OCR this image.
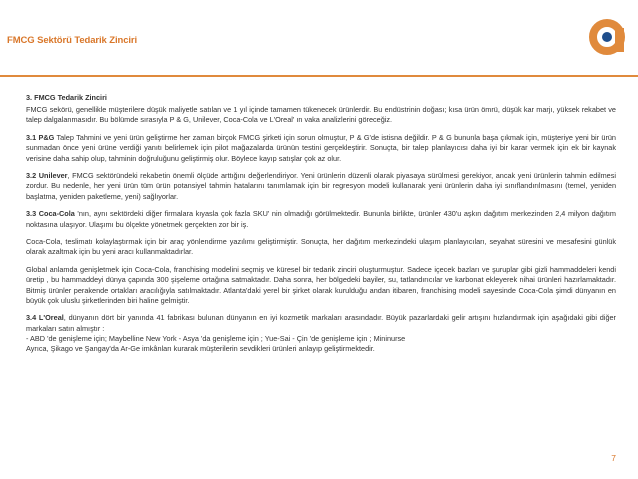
FMCG Sektörü Tedarik Zinciri
3. FMCG Tedarik Zinciri

FMCG sekörü, genellikle müşterilere düşük maliyetle satılan ve 1 yıl içinde tamamen tükenecek ürünlerdir. Bu endüstrinin doğası; kısa ürün ömrü, düşük kar marjı, yüksek rekabet ve talep dalgalanmasıdır. Bu bölümde sırasıyla P & G, Unilever, Coca-Cola ve L'Oreal' ın vaka analizlerini göreceğiz.

3.1 P&G Talep Tahmini ve yeni ürün geliştirme her zaman birçok FMCG şirketi için sorun olmuştur, P & G'de istisna değildir. P & G bununla başa çıkmak için, müşteriye yeni bir ürün sunmadan önce yeni ürüne verdiği yanıtı belirlemek için pilot mağazalarda ürünün testini gerçekleştirir. Sonuçta, bir talep planlayıcısı daha iyi bir karar vermek için ek bir kaynak verisine daha sahip olup, tahminin doğruluğunu geliştirmiş olur. Böylece kayıp satışlar çok az olur.

3.2 Unilever, FMCG sektöründeki rekabetin önemli ölçüde arttığını değerlendiriyor. Yeni ürünlerin düzenli olarak piyasaya sürülmesi gerekiyor, ancak yeni ürünlerin tahmin edilmesi zordur. Bu nedenle, her yeni ürün tüm ürün potansiyel tahmin hatalarını tanımlamak için bir regresyon modeli kullanarak yeni ürünlerin daha iyi sınıflandırılmasını (temel, yeniden başlatma, yeniden paketleme, yeni) sağlıyorlar.

3.3 Coca-Cola 'nın, aynı sektördeki diğer firmalara kıyasla çok fazla SKU' nin olmadığı görülmektedir. Bununla birlikte, ürünler 430'u aşkın dağıtım merkezinden 2,4 milyon dağıtım noktasına ulaşıyor. Ulaşımı bu ölçekte yönetmek gerçekten zor bir iş.

Coca-Cola, teslimatı kolaylaştırmak için bir araç yönlendirme yazılımı geliştirmiştir. Sonuçta, her dağıtım merkezindeki ulaşım planlayıcıları, seyahat süresini ve mesafesini günlük olarak azaltmak için bu yeni aracı kullanmaktadırlar.

Global anlamda genişletmek için Coca-Cola, franchising modelini seçmiş ve küresel bir tedarik zinciri oluşturmuştur. Sadece içecek bazları ve şuruplar gibi gizli hammaddeleri kendi üretip , bu hammaddeyi dünya çapında 300 şişeleme ortağına satmaktadır. Daha sonra, her bölgedeki bayiler, su, tatlandırıcılar ve karbonat ekleyerek nihai ürünleri hazırlamaktadır. Bitmiş ürünler perakende ortakları aracılığıyla satılmaktadır. Atlanta'daki yerel bir şirket olarak kurulduğu andan itibaren, franchising modeli sayesinde Coca-Cola şimdi dünyanın en büyük çok uluslu şirketlerinden biri haline gelmiştir.

3.4 L'Oreal, dünyanın dört bir yanında 41 fabrikası bulunan dünyanın en iyi kozmetik markaları arasındadır. Büyük pazarlardaki gelir artışını hızlandırmak için aşağıdaki gibi diğer markaları satın almıştır :

- ABD 'de genişleme için; Maybelline New York - Asya 'da genişleme için ; Yue-Sai - Çin 'de genişleme için ; Mininurse

Ayrıca, Şikago ve Şangay'da Ar-Ge imkânları kurarak müşterilerin sevdikleri ürünleri anlayıp geliştirmektedir.

7
